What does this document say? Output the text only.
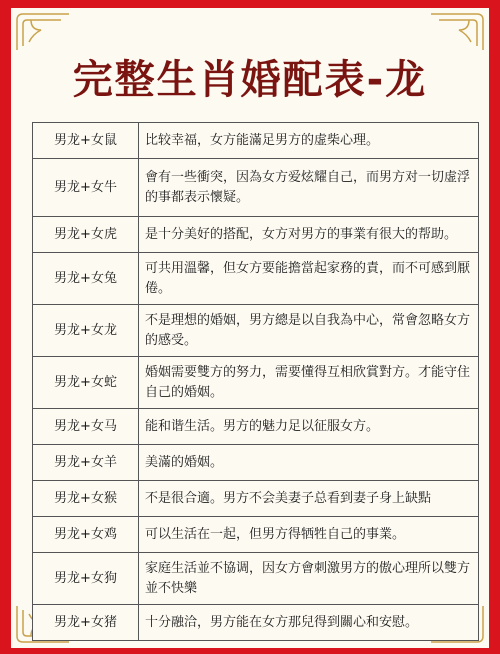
完整生肖婚配表-龙
男龙+女鼠	比较幸福，女方能滿足男方的虚柴心理。
男龙+女牛	會有一些衝突，因為女方爱炫耀自己，而男方对一切虚浮的事都表示懷疑。
男龙+女虎	是十分美好的搭配，女方对男方的事業有很大的帮助。
男龙+女兔	可共用溫馨，但女方要能擔當起家務的責，而不可感到厭倦。
男龙+女龙	不是理想的婚姻，男方總是以自我為中心，常會忽略女方的感受。
男龙+女蛇	婚姻需要雙方的努力，需要懂得互相欣賞對方。才能守住自己的婚姻。
男龙+女马	能和谐生活。男方的魅力足以征服女方。
男龙+女羊	美滿的婚姻。
男龙+女猴	不是很合適。男方不会美妻子总看到妻子身上缺點
男龙+女鸡	可以生活在一起，但男方得牺牲自己的事業。
男龙+女狗	家庭生活並不協调，因女方會刺激男方的傲心理所以雙方並不快樂
男龙+女猪	十分融洽，男方能在女方那兒得到關心和安慰。
